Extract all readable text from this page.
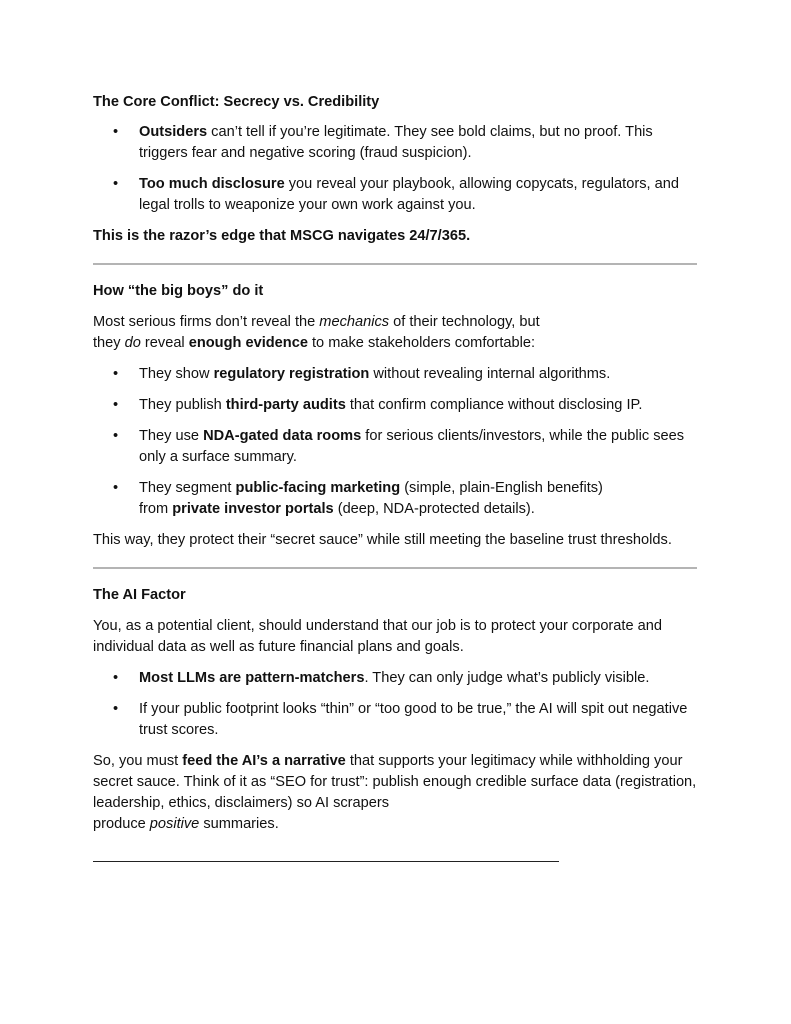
The Core Conflict: Secrecy vs. Credibility
• Outsiders can’t tell if you’re legitimate. They see bold claims, but no proof. This triggers fear and negative scoring (fraud suspicion).
• Too much disclosure you reveal your playbook, allowing copycats, regulators, and legal trolls to weaponize your own work against you.

This is the razor’s edge that MSCG navigates 24/7/365.

How “the big boys” do it

Most serious firms don’t reveal the mechanics of their technology, but
they do reveal enough evidence to make stakeholders comfortable:

• They show regulatory registration without revealing internal algorithms.
• They publish third-party audits that confirm compliance without disclosing IP.
• They use NDA-gated data rooms for serious clients/investors, while the public sees only a surface summary.
• They segment public-facing marketing (simple, plain-English benefits)
from private investor portals (deep, NDA-protected details).

This way, they protect their “secret sauce” while still meeting the baseline trust thresholds.

The AI Factor

You, as a potential client, should understand that our job is to protect your corporate and individual data as well as future financial plans and goals.

• Most LLMs are pattern-matchers. They can only judge what’s publicly visible.
• If your public footprint looks “thin” or “too good to be true,” the AI will spit out negative trust scores.

So, you must feed the AI’s a narrative that supports your legitimacy while withholding your secret sauce. Think of it as “SEO for trust”: publish enough credible surface data (registration, leadership, ethics, disclaimers) so AI scrapers
produce positive summaries.
